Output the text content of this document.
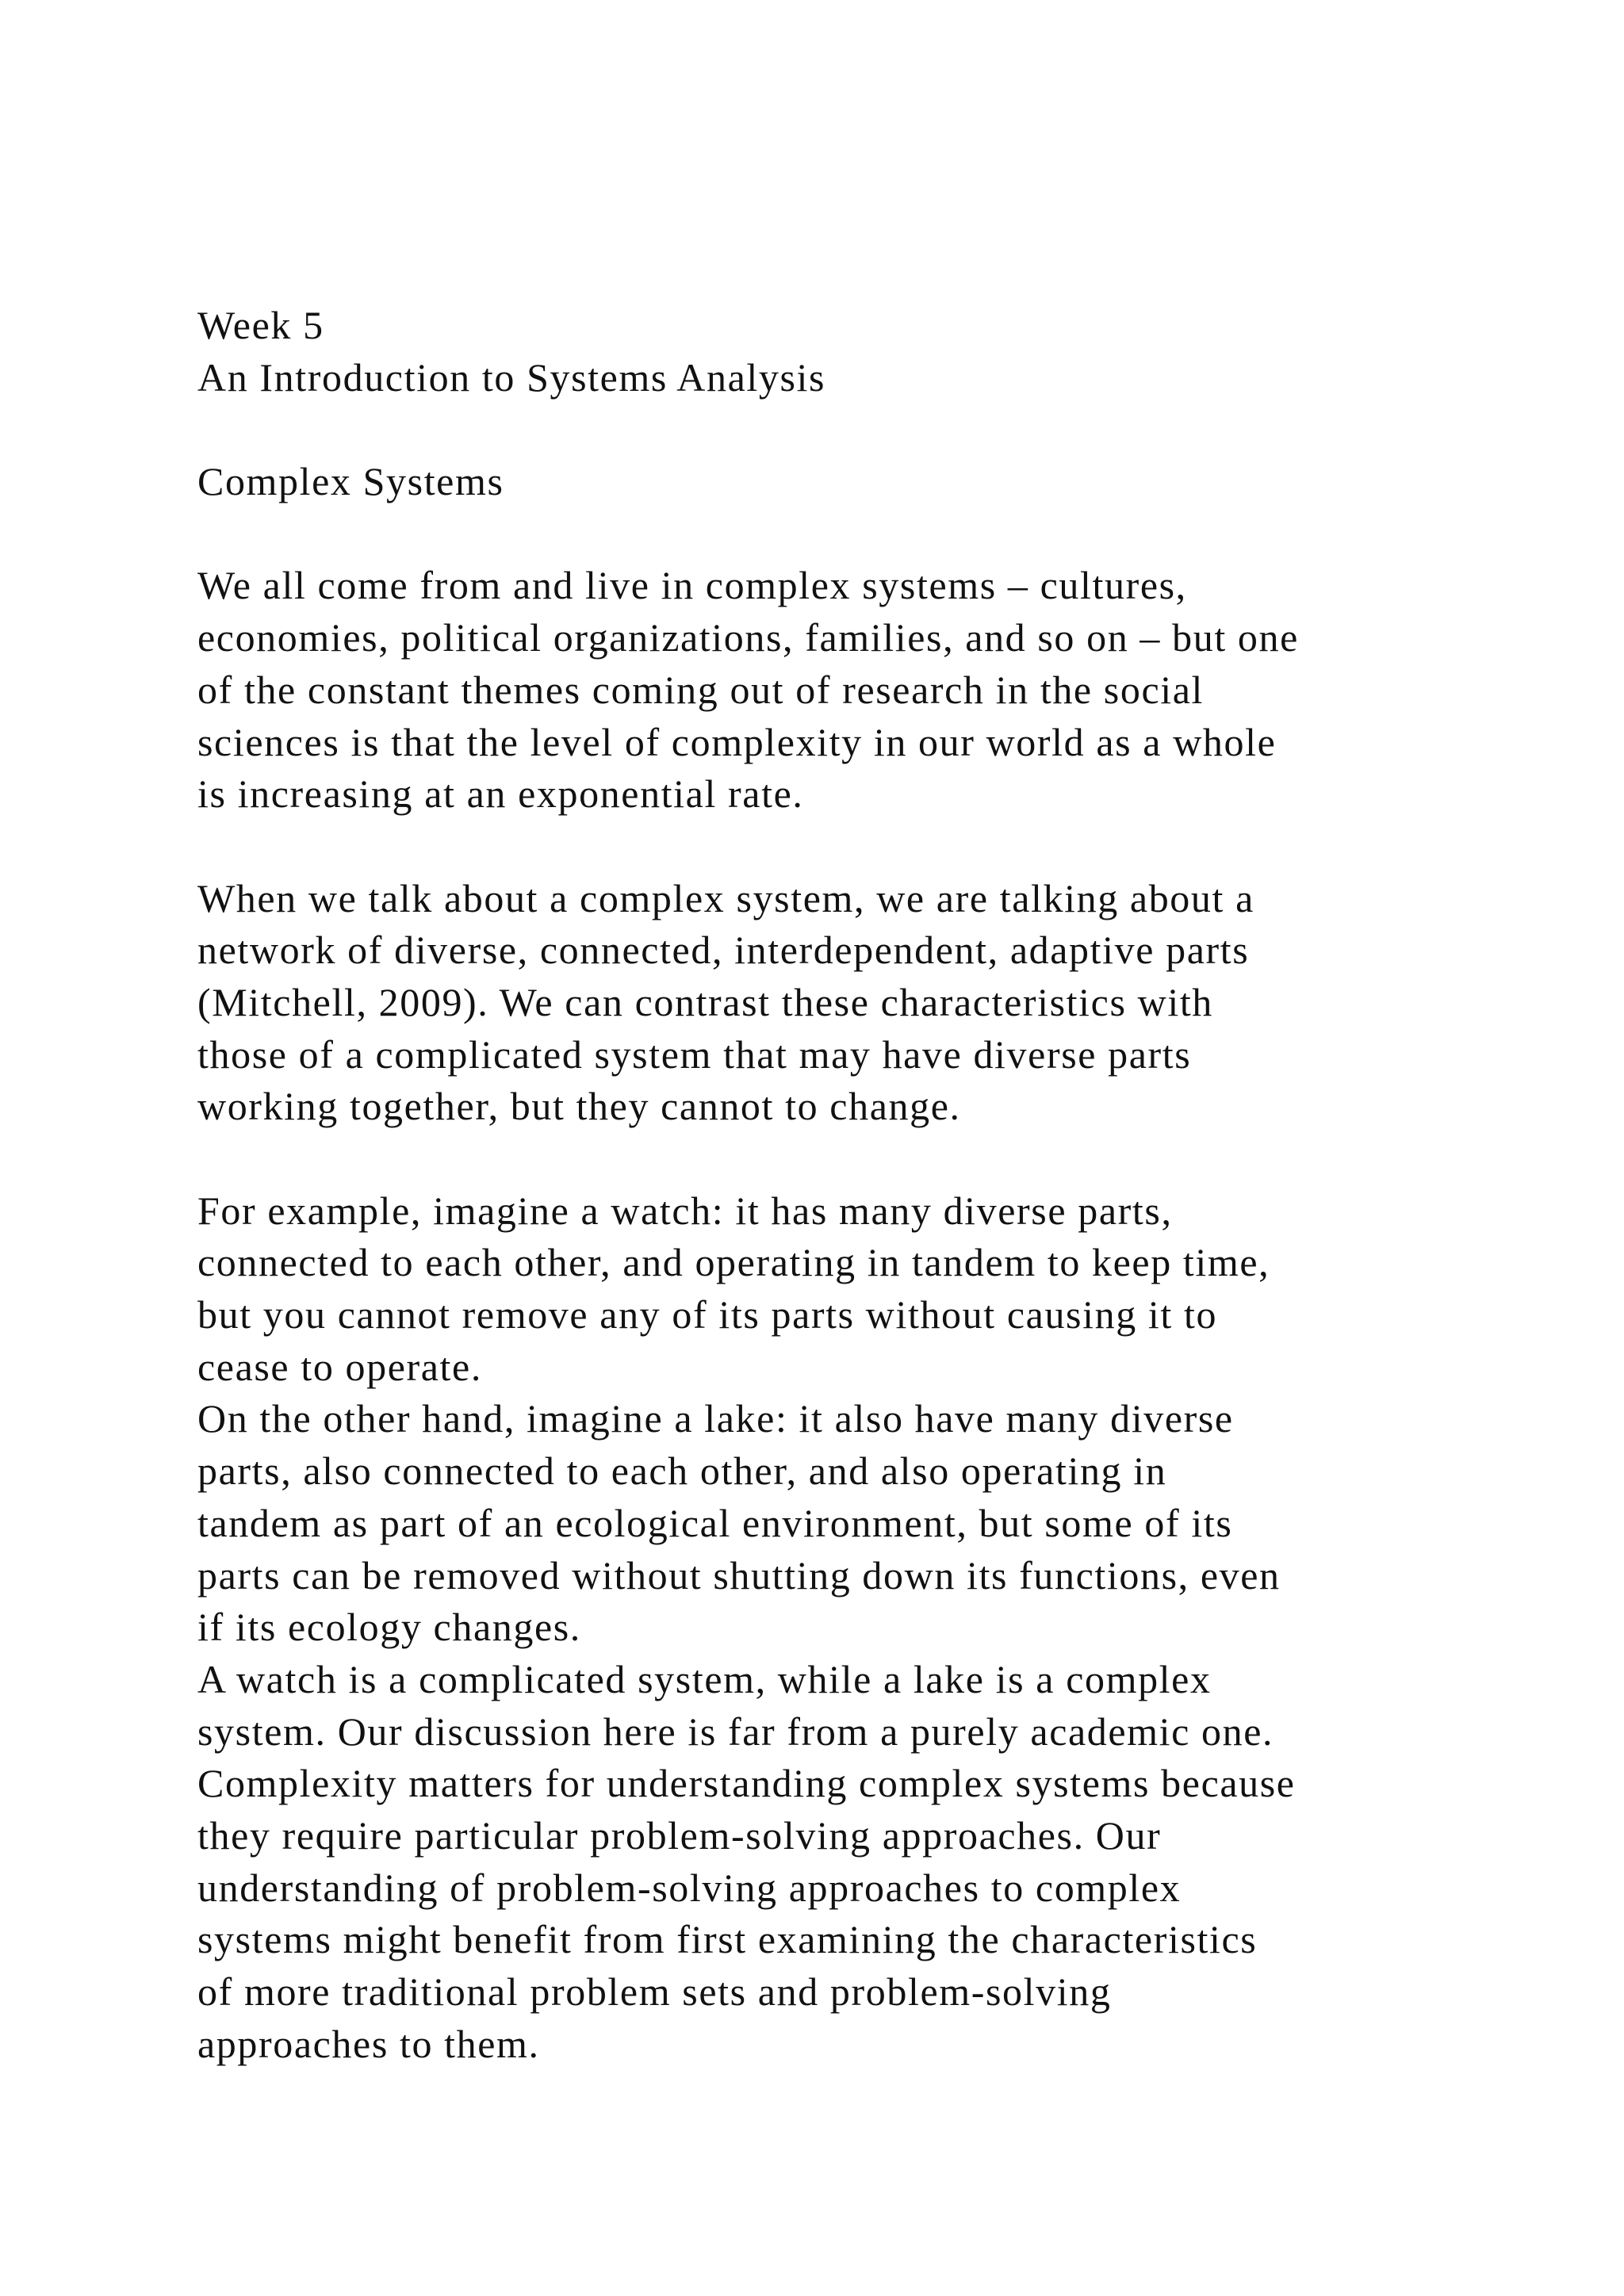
Week 5
An Introduction to Systems Analysis
Complex Systems
We all come from and live in complex systems – cultures,
economies, political organizations, families, and so on – but one
of the constant themes coming out of research in the social
sciences is that the level of complexity in our world as a whole
is increasing at an exponential rate.
When we talk about a complex system, we are talking about a
network of diverse, connected, interdependent, adaptive parts
(Mitchell, 2009). We can contrast these characteristics with
those of a complicated system that may have diverse parts
working together, but they cannot to change.
For example, imagine a watch: it has many diverse parts,
connected to each other, and operating in tandem to keep time,
but you cannot remove any of its parts without causing it to
cease to operate.
On the other hand, imagine a lake: it also have many diverse
parts, also connected to each other, and also operating in
tandem as part of an ecological environment, but some of its
parts can be removed without shutting down its functions, even
if its ecology changes.
A watch is a complicated system, while a lake is a complex
system. Our discussion here is far from a purely academic one.
Complexity matters for understanding complex systems because
they require particular problem-solving approaches. Our
understanding of problem-solving approaches to complex
systems might benefit from first examining the characteristics
of more traditional problem sets and problem-solving
approaches to them.
